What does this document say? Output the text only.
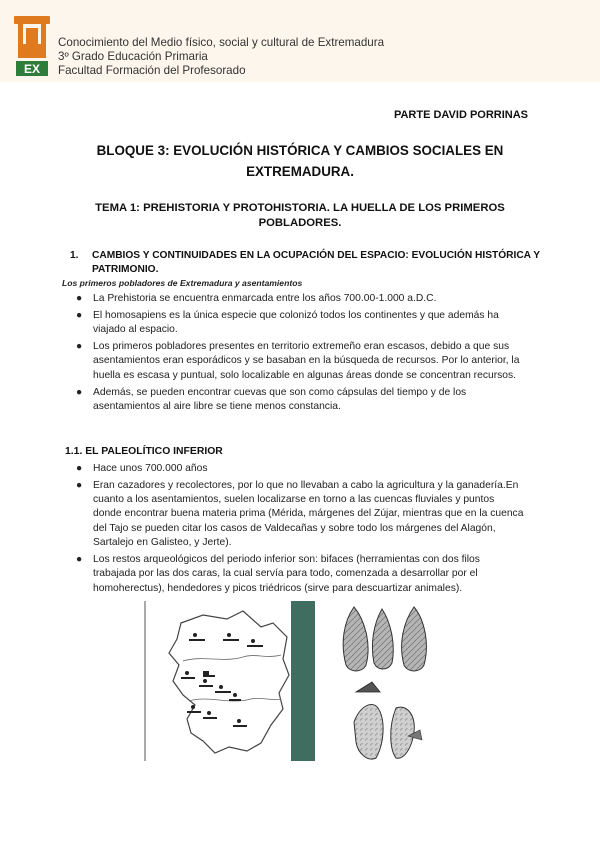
EX
Conocimiento del Medio físico, social y cultural de Extremadura
3º Grado Educación Primaria
Facultad Formación del Profesorado
PARTE DAVID PORRINAS
BLOQUE 3: EVOLUCIÓN HISTÓRICA Y CAMBIOS SOCIALES EN EXTREMADURA.
TEMA 1: PREHISTORIA Y PROTOHISTORIA. LA HUELLA DE LOS PRIMEROS POBLADORES.
1. CAMBIOS Y CONTINUIDADES EN LA OCUPACIÓN DEL ESPACIO: EVOLUCIÓN HISTÓRICA Y PATRIMONIO.
Los primeros pobladores de Extremadura y asentamientos
● La Prehistoria se encuentra enmarcada entre los años 700.00-1.000 a.D.C.
● El homosapiens es la única especie que colonizó todos los continentes y que además ha viajado al espacio.
● Los primeros pobladores presentes en territorio extremeño eran escasos, debido a que sus asentamientos eran esporádicos y se basaban en la búsqueda de recursos. Por lo anterior, la huella es escasa y puntual, solo localizable en algunas áreas donde se concentran recursos.
● Además, se pueden encontrar cuevas que son como cápsulas del tiempo y de los asentamientos al aire libre se tiene menos constancia.
1.1. EL PALEOLÍTICO INFERIOR
● Hace unos 700.000 años
● Eran cazadores y recolectores, por lo que no llevaban a cabo la agricultura y la ganadería.En cuanto a los asentamientos, suelen localizarse en torno a las cuencas fluviales y puntos donde encontrar buena materia prima (Mérida, márgenes del Zújar, mientras que en la cuenca del Tajo se pueden citar los casos de Valdecañas y sobre todo los márgenes del Alagón, Sartalejo en Galisteo, y Jerte).
● Los restos arqueológicos del periodo inferior son: bifaces (herramientas con dos filos trabajada por las dos caras, la cual servía para todo, comenzada a desarrollar por el homoherectus), hendedores y picos triédricos (sirve para descuartizar animales).
